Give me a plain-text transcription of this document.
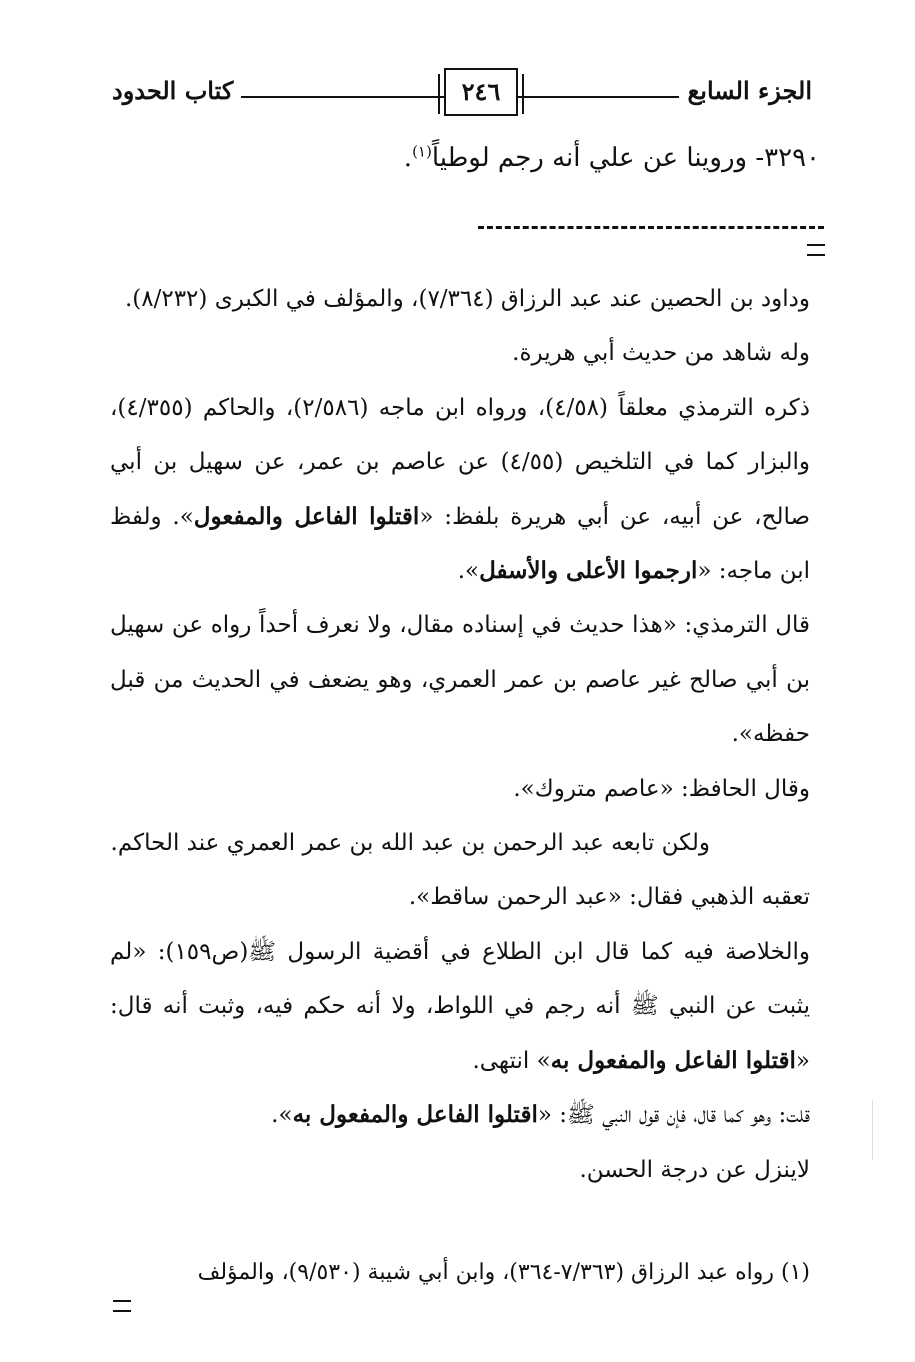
الجزء السابع
٢٤٦
كتاب الحدود
٣٢٩٠- وروينا عن علي أنه رجم لوطياً$^{(١)}$.

وداود بن الحصين عند عبد الرزاق (٧/٣٦٤)، والمؤلف في الكبرى (٨/٢٣٢).

وله شاهد من حديث أبي هريرة.

ذكره الترمذي معلقاً (٤/٥٨)، ورواه ابن ماجه (٢/٥٨٦)، والحاكم (٤/٣٥٥)، والبزار كما في التلخيص (٤/٥٥) عن عاصم بن عمر، عن سهيل بن أبي صالح، عن أبيه، عن أبي هريرة بلفظ: «اقتلوا الفاعل والمفعول». ولفظ ابن ماجه: «ارجموا الأعلى والأسفل».

قال الترمذي: «هذا حديث في إسناده مقال، ولا نعرف أحداً رواه عن سهيل بن أبي صالح غير عاصم بن عمر العمري، وهو يضعف في الحديث من قبل حفظه».

وقال الحافظ: «عاصم متروك».

ولكن تابعه عبد الرحمن بن عبد الله بن عمر العمري عند الحاكم.

تعقبه الذهبي فقال: «عبد الرحمن ساقط».

والخلاصة فيه كما قال ابن الطلاع في أقضية الرسول ﷺ(ص١٥٩): «لم يثبت عن النبي ﷺ أنه رجم في اللواط، ولا أنه حكم فيه، وثبت أنه قال: «اقتلوا الفاعل والمفعول به» انتهى.

قلت: وهو كما قال، فإن قول النبي ﷺ: «اقتلوا الفاعل والمفعول به».

لاينزل عن درجة الحسن.

(١) رواه عبد الرزاق (٧/٣٦٣-٣٦٤)، وابن أبي شيبة (٩/٥٣٠)، والمؤلف
